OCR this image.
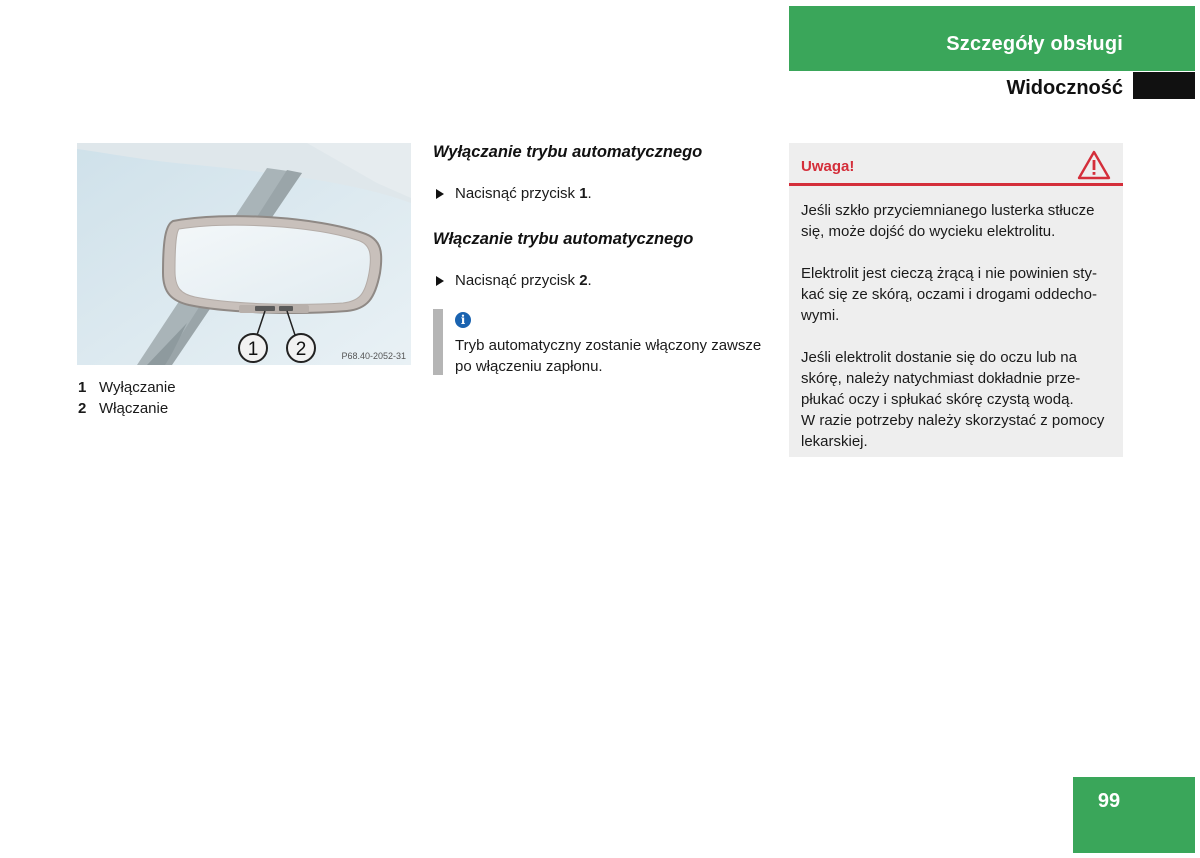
Szczegóły obsługi
Widoczność
1 2	P68.40-2052-31
1 Wyłączanie
2 Włączanie
Wyłączanie trybu automatycznego
Nacisnąć przycisk 1.
Włączanie trybu automatycznego
Nacisnąć przycisk 2.
i
Tryb automatyczny zostanie włączony zawsze po włączeniu zapłonu.
Uwaga!

Jeśli szkło przyciemnianego lusterka stłucze się, może dojść do wycieku elektrolitu.

Elektrolit jest cieczą żrącą i nie powinien sty-kać się ze skórą, oczami i drogami oddecho-wymi.

Jeśli elektrolit dostanie się do oczu lub na skórę, należy natychmiast dokładnie prze-płukać oczy i spłukać skórę czystą wodą.

W razie potrzeby należy skorzystać z pomocy lekarskiej.

99
